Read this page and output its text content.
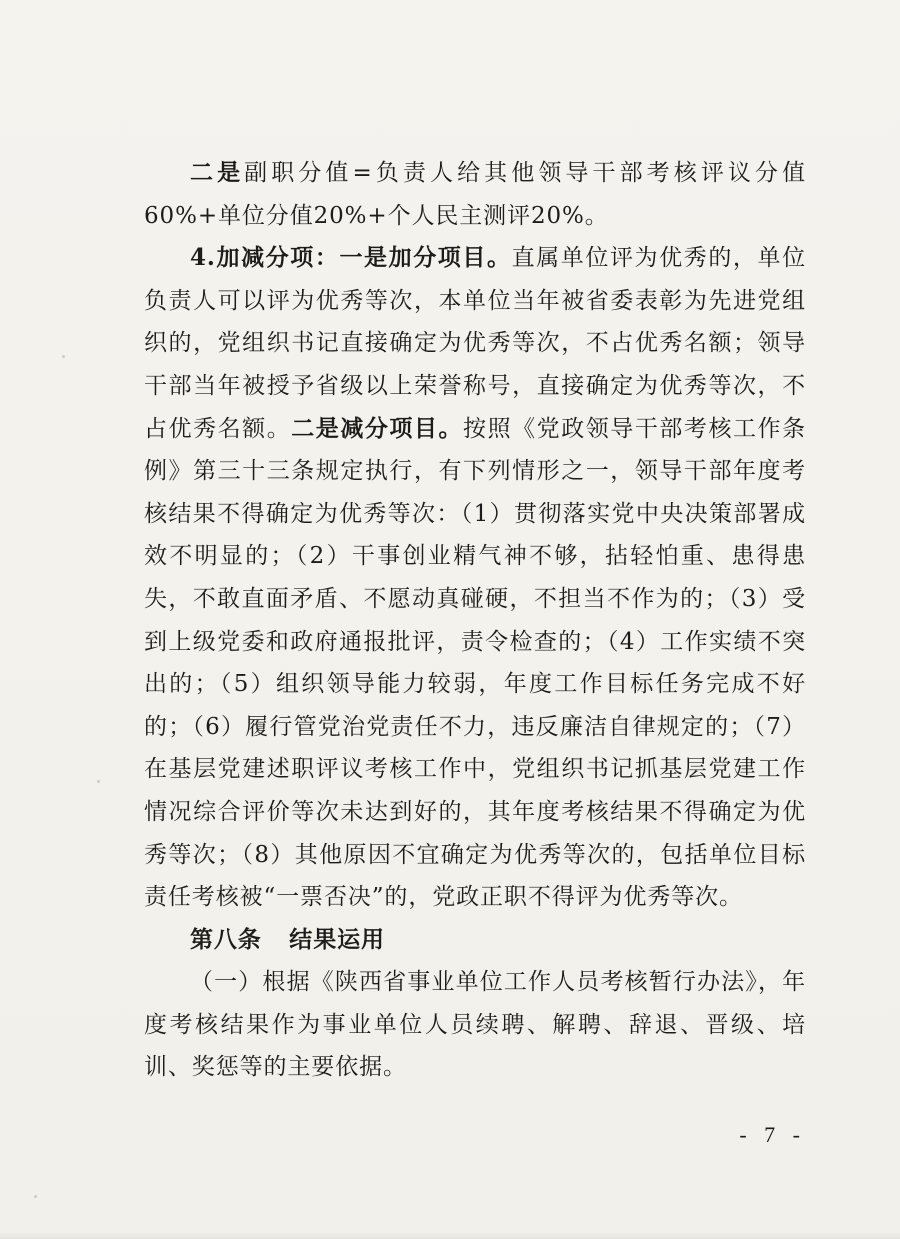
二是副职分值=负责人给其他领导干部考核评议分值60%+单位分值20%+个人民主测评20%。

4.加减分项：一是加分项目。直属单位评为优秀的，单位负责人可以评为优秀等次，本单位当年被省委表彰为先进党组织的，党组织书记直接确定为优秀等次，不占优秀名额；领导干部当年被授予省级以上荣誉称号，直接确定为优秀等次，不占优秀名额。二是减分项目。按照《党政领导干部考核工作条例》第三十三条规定执行，有下列情形之一，领导干部年度考核结果不得确定为优秀等次：（1）贯彻落实党中央决策部署成效不明显的；（2）干事创业精气神不够，拈轻怕重、患得患失，不敢直面矛盾、不愿动真碰硬，不担当不作为的；（3）受到上级党委和政府通报批评，责令检查的；（4）工作实绩不突出的；（5）组织领导能力较弱，年度工作目标任务完成不好的；（6）履行管党治党责任不力，违反廉洁自律规定的；（7）在基层党建述职评议考核工作中，党组织书记抓基层党建工作情况综合评价等次未达到好的，其年度考核结果不得确定为优秀等次；（8）其他原因不宜确定为优秀等次的，包括单位目标责任考核被“一票否决”的，党政正职不得评为优秀等次。

第八条 结果运用

（一）根据《陕西省事业单位工作人员考核暂行办法》，年度考核结果作为事业单位人员续聘、解聘、辞退、晋级、培训、奖惩等的主要依据。

- 7 -
